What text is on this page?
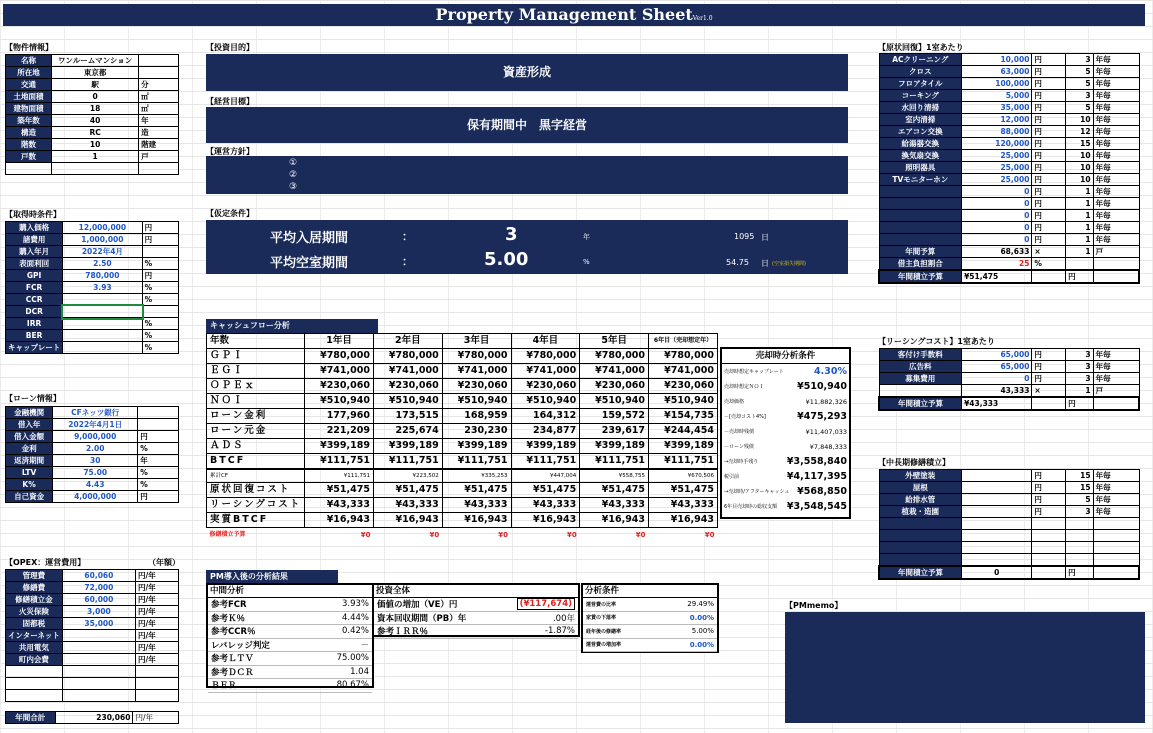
Property Management SheetVer1.0
【物件情報】
名称	ワンルームマンション	
所在地	東京都	
交通	駅	分
土地面積	0	㎡
建物面積	18	㎡
築年数	40	年
構造	RC	造
階数	10	階建
戸数	1	戸

【取得時条件】
購入価格	12,000,000	円
諸費用	1,000,000	円
購入年月	2022年4月	
表面利回	2.50	%
GPI	780,000	円
FCR	3.93	%
CCR		%
DCR		
IRR		%
BER		%
キャップレート		%
【ローン情報】
金融機関	CFネッツ銀行	
借入年	2022年4月1日	
借入金額	9,000,000	円
金利	2.00	%
返済期間	30	年
LTV	75.00	%
K%	4.43	%
自己資金	4,000,000	円
【OPEX：運営費用】	（年額）
管理費	60,060	円/年
修繕費	72,000	円/年
修繕積立金	60,000	円/年
火災保険	3,000	円/年
固都税	35,000	円/年
インターネット		円/年
共用電気		円/年
町内会費		円/年

年間合計	230,060	円/年
【投資目的】
資産形成
【経営目標】
保有期間中　黒字経営
【運営方針】
①
②
③
【仮定条件】
平均入居期間	：	3	年	1095 日
平均空室期間	：	5.00	%	54.75 日 (空室損失期間)
キャッシュフロー分析
年数	1年目	2年目	3年目	4年目	5年目	6年目（売却想定年）
ＧＰＩ	¥780,000	¥780,000	¥780,000	¥780,000	¥780,000	¥780,000
ＥＧＩ	¥741,000	¥741,000	¥741,000	¥741,000	¥741,000	¥741,000
ＯＰＥｘ	¥230,060	¥230,060	¥230,060	¥230,060	¥230,060	¥230,060
ＮＯＩ	¥510,940	¥510,940	¥510,940	¥510,940	¥510,940	¥510,940
ローン金利	177,960	173,515	168,959	164,312	159,572	¥154,735
ローン元金	221,209	225,674	230,230	234,877	239,617	¥244,454
ＡＤＳ	¥399,189	¥399,189	¥399,189	¥399,189	¥399,189	¥399,189
BTCF	¥111,751	¥111,751	¥111,751	¥111,751	¥111,751	¥111,751
累計CF	¥111,751	¥223,502	¥335,253	¥447,004	¥558,755	¥670,506
原状回復コスト	¥51,475	¥51,475	¥51,475	¥51,475	¥51,475	¥51,475
リーシングコスト	¥43,333	¥43,333	¥43,333	¥43,333	¥43,333	¥43,333
実質BTCF	¥16,943	¥16,943	¥16,943	¥16,943	¥16,943	¥16,943
修繕積立予算	¥0	¥0	¥0	¥0	¥0	¥0
売却時分析条件
売却時想定キャップレート	4.30%
売却時想定ＮＯＩ	¥510,940
売却価格	¥11,882,326
－[売却コスト4%]	¥475,293
－売却時残債	¥11,407,033
－ローン残債	¥7,848,333
→売却時手残り	¥3,558,840
税引前	¥4,117,395
→売却時/アフターキャッシュ ¥568,850
6年目売却時の総収支額 ¥3,548,545
PM導入後の分析結果
中間分析
参考FCR	3.93%
参考Ｋ％	4.44%
参考CCR％	0.42%
レバレッジ判定	－
参考ＬＴＶ	75.00%
参考ＤＣＲ	1.04
ＢＥＲ	80.67%
投資全体
価値の増加（VE）円	(¥117,674)
資本回収期間（PB）年	.00年
参考ＩＲＲ％	-1.87%
分析条件
運営費の比率	29.49%
家賃の下落率	0.00%
経年後の修繕率	5.00%
運営費の増加率	0.00%
【PMmemo】
【原状回復】1室あたり
ACクリーニング	10,000	円	3	年毎
クロス	63,000	円	5	年毎
フロアタイル	100,000	円	5	年毎
コーキング	5,000	円	3	年毎
水回り清掃	35,000	円	5	年毎
室内清掃	12,000	円	10	年毎
エアコン交換	88,000	円	12	年毎
給湯器交換	120,000	円	15	年毎
換気扇交換	25,000	円	10	年毎
照明器具	25,000	円	10	年毎
TVモニターホン	25,000	円	10	年毎
	0	円	1	年毎
	0	円	1	年毎
	0	円	1	年毎
	0	円	1	年毎
	0	円	1	年毎
年間予算	68,633	×	1	戸
借主負担割合	25	%		
年間積立予算	¥51,475		円	
【リーシングコスト】1室あたり
客付け手数料	65,000	円	3	年毎
広告料	65,000	円	3	年毎
募集費用	0	円	3	年毎
	43,333	×	1	戸
年間積立予算	¥43,333		円	
【中長期修繕積立】
外壁塗装		円	15	年毎
屋根		円	15	年毎
給排水管		円	5	年毎
植栽・造園		円	3	年毎

年間積立予算	0		円	
